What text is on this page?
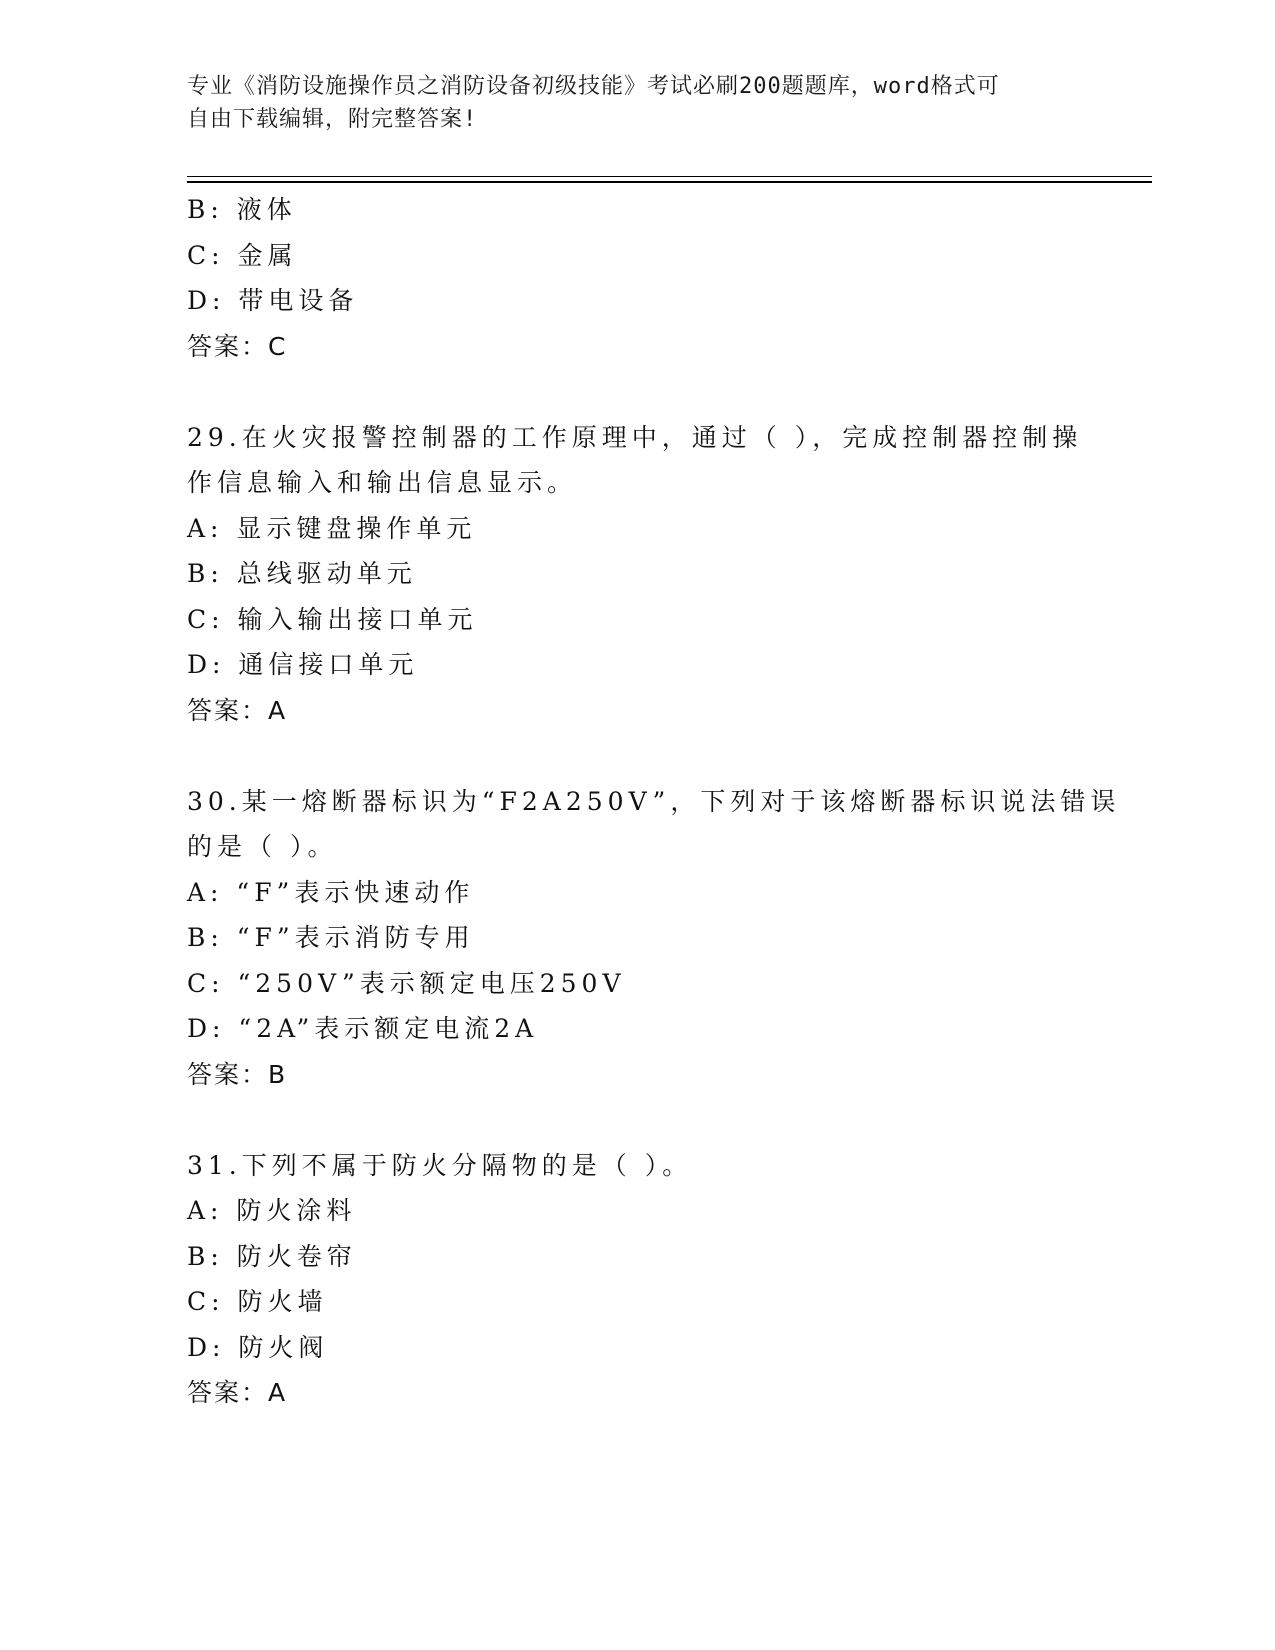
专业《消防设施操作员之消防设备初级技能》考试必刷200题题库，word格式可
自由下载编辑，附完整答案!
B: 液体
C: 金属
D: 带电设备
答案：C
29.在火灾报警控制器的工作原理中，通过（ ），完成控制器控制操
作信息输入和输出信息显示。
A: 显示键盘操作单元
B: 总线驱动单元
C: 输入输出接口单元
D: 通信接口单元
答案：A
30.某一熔断器标识为“F2A250V”，下列对于该熔断器标识说法错误
的是（ ）。
A: “F”表示快速动作
B: “F”表示消防专用
C: “250V”表示额定电压250V
D: “2A”表示额定电流2A
答案：B
31.下列不属于防火分隔物的是（ ）。
A: 防火涂料
B: 防火卷帘
C: 防火墙
D: 防火阀
答案：A
